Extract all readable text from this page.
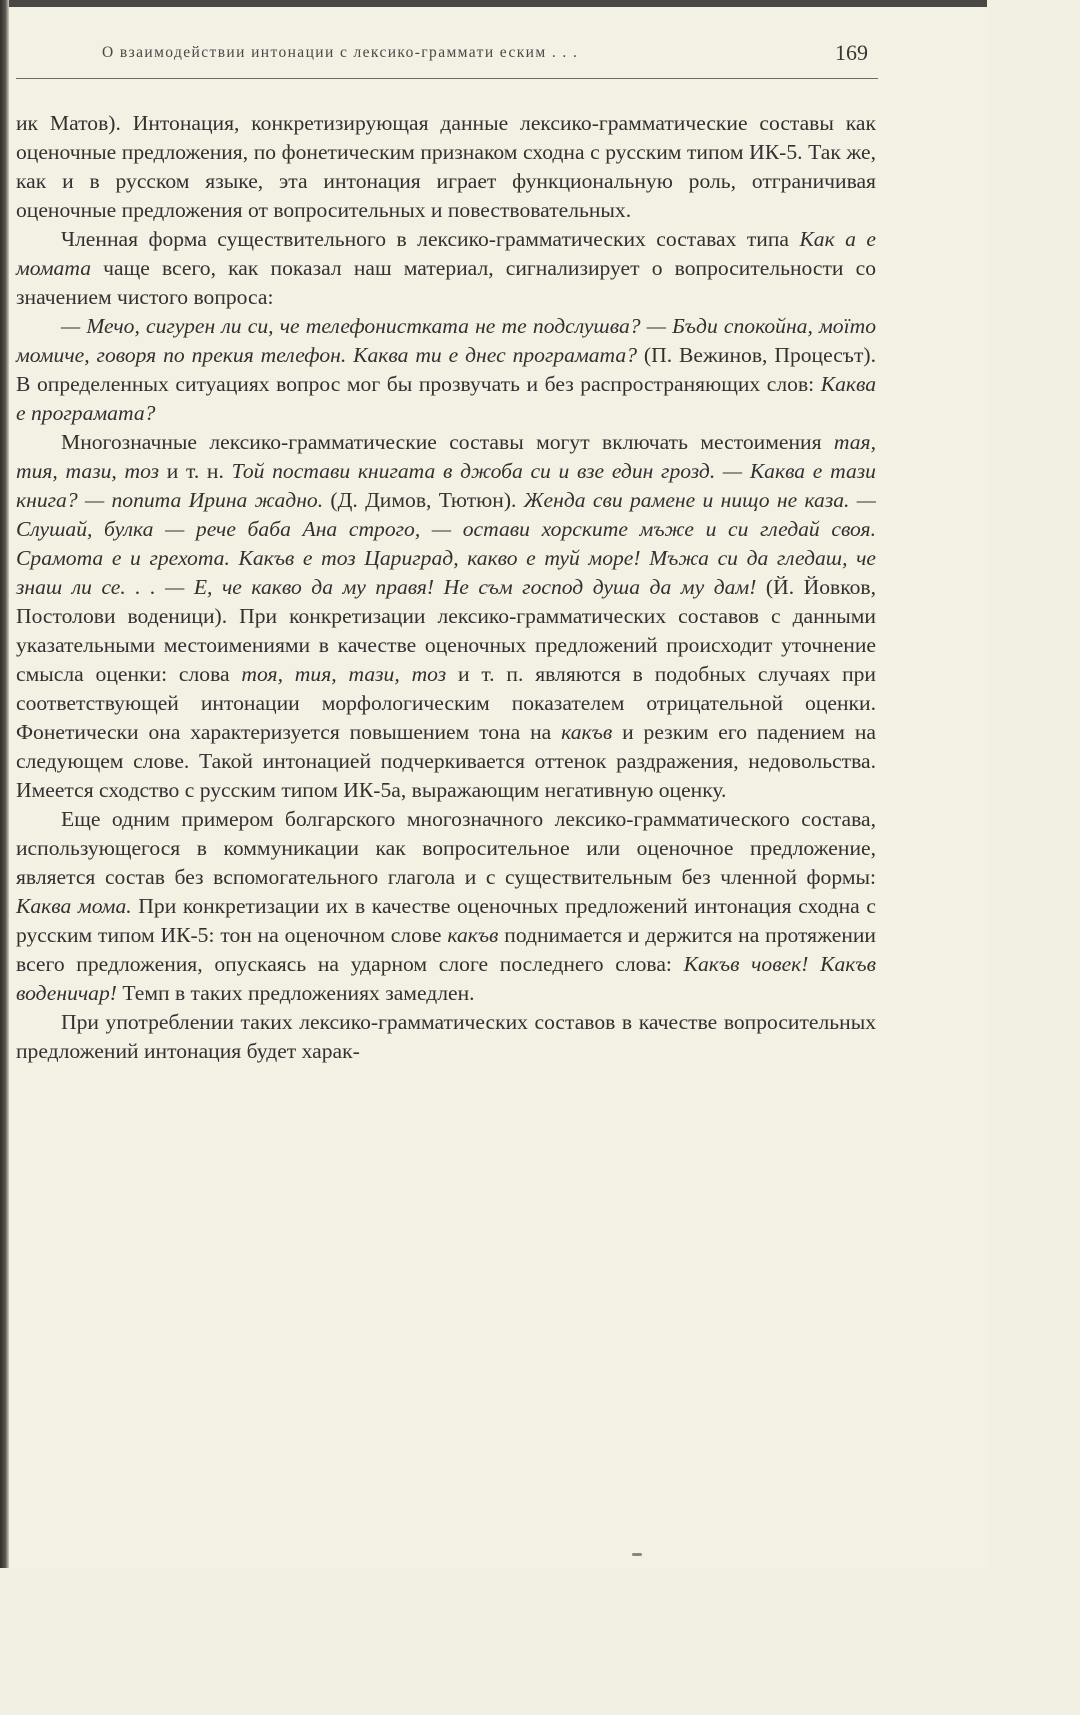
О взаимодействии интонации с лексико-граммати ескиᴍ . . .	169

ик Матов). Интонация, конкретизирующая данные лексико-грамматические составы как оценочные предложения, по фонетическим признаком сходна с русским типом ИК-5. Так же, как и в русском языке, эта интонация играет функциональную роль, отграничивая оценочные предложения от вопросительных и повествовательных.

Членная форма существительного в лексико-грамматических составах типа Как а е момата чаще всего, как показал наш материал, сигнализирует о вопросительности со значением чистого вопроса:

— Мечо, сигурен ли си, че телефонистката не те подслушва? — Бъди спокойна, моїто момиче, говоря по прекия телефон. Каква ти е днес програмата? (П. Вежинов, Процесът). В определенных ситуациях вопрос мог бы прозвучать и без распространяющих слов: Каква е програмата?

Многозначные лексико-грамматические составы могут включать местоимения тая, тия, тази, тоз и т. н. Той постави книгата в джоба си и взе един грозд. — Каква е тази книга? — попита Ирина жадно. (Д. Димов, Тютюн). Женда сви рамене и нищо не каза. — Слушай, булка — рече баба Ана строго, — остави хорските мъже и си гледай своя. Срамота е и грехота. Какъв е тоз Цариград, какво е туй море! Мъжа си да гледаш, че знаш ли се. . . — Е, че какво да му правя! Не съм господ душа да му дам! (Й. Йовков, Постолови воденици). При конкретизации лексико-грамматических составов с данными указательными местоимениями в качестве оценочных предложений происходит уточнение смысла оценки: слова тоя, тия, тази, тоз и т. п. являются в подобных случаях при соответствующей интонации морфологическим показателем отрицательной оценки. Фонетически она характеризуется повышением тона на какъв и резким его падением на следующем слове. Такой интонацией подчеркивается оттенок раздражения, недовольства. Имеется сходство с русским типом ИК-5а, выражающим негативную оценку.

Еще одним примером болгарского многозначного лексико-грамматического состава, использующегося в коммуникации как вопросительное или оценочное предложение, является состав без вспомогательного глагола и с существительным без членной формы: Каква мома. При конкретизации их в качестве оценочных предложений интонация сходна с русским типом ИК-5: тон на оценочном слове какъв поднимается и держится на протяжении всего предложения, опускаясь на ударном слоге последнего слова: Какъв човек! Какъв воденичар! Темп в таких предложениях замедлен.

При употреблении таких лексико-грамматических составов в качестве вопросительных предложений интонация будет харак-
